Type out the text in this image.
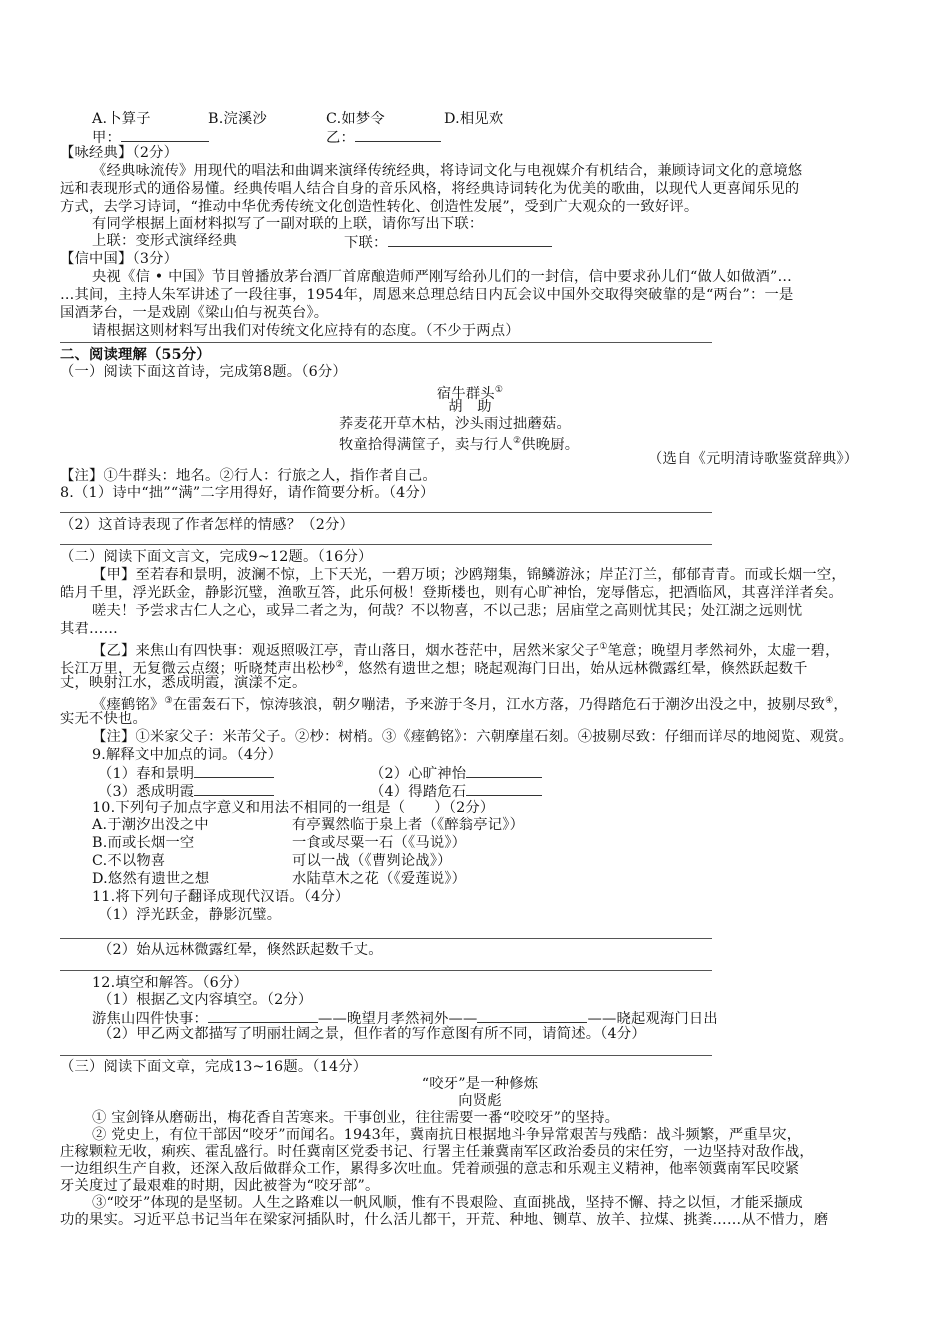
A.卜算子	B.浣溪沙	C.如梦令	D.相见欢
甲：	乙：
【咏经典】（2分）
《经典咏流传》用现代的唱法和曲调来演绎传统经典，将诗词文化与电视媒介有机结合，兼顾诗词文化的意境悠
远和表现形式的通俗易懂。经典传唱人结合自身的音乐风格，将经典诗词转化为优美的歌曲，以现代人更喜闻乐见的
方式，去学习诗词，“推动中华优秀传统文化创造性转化、创造性发展”，受到广大观众的一致好评。
有同学根据上面材料拟写了一副对联的上联，请你写出下联：
上联：变形式演绎经典	下联：
【信中国】（3分）
央视《信 • 中国》节目曾播放茅台酒厂首席酿造师严刚写给孙儿们的一封信，信中要求孙儿们“做人如做酒”…
…其间，主持人朱军讲述了一段往事，1954年，周恩来总理总结日内瓦会议中国外交取得突破靠的是“两台”：一是
国酒茅台，一是戏剧《梁山伯与祝英台》。
请根据这则材料写出我们对传统文化应持有的态度。（不少于两点）
二、阅读理解（55分）
（一）阅读下面这首诗，完成第8题。（6分）
宿牛群头①
胡　助
荞麦花开草木枯，沙头雨过拙蘑菇。
牧童拾得满筐子，卖与行人②供晚厨。
（选自《元明清诗歌鉴赏辞典》）
【注】①牛群头：地名。②行人：行旅之人，指作者自己。
8.（1）诗中“拙”“满”二字用得好，请作简要分析。（4分）
（2）这首诗表现了作者怎样的情感？（2分）
（二）阅读下面文言文，完成9~12题。（16分）
【甲】至若春和景明，波澜不惊，上下天光，一碧万顷；沙鸥翔集，锦鳞游泳；岸芷汀兰，郁郁青青。而或长烟一空，
皓月千里，浮光跃金，静影沉璧，渔歌互答，此乐何极！登斯楼也，则有心旷神怡，宠辱偕忘，把酒临风，其喜洋洋者矣。
嗟夫！予尝求古仁人之心，或异二者之为，何哉？不以物喜，不以己悲；居庙堂之高则忧其民；处江湖之远则忧
其君……
【乙】来焦山有四快事：观返照吸江亭，青山落日，烟水苍茫中，居然米家父子①笔意；晚望月孝然祠外，太虚一碧，
长江万里，无复微云点缀；听晓梵声出松杪②，悠然有遗世之想；晓起观海门日出，始从远林微露红晕，倏然跃起数千
丈，映射江水，悉成明霞，演漾不定。
《瘗鹤铭》③在雷轰石下，惊涛骇浪，朝夕嘣湱，予来游于冬月，江水方落，乃得踏危石于潮汐出没之中，披剔尽致④，
实无不快也。
【注】①米家父子：米芾父子。②杪：树梢。③《瘗鹤铭》：六朝摩崖石刻。④披剔尽致：仔细而详尽的地阅览、观赏。
9.解释文中加点的词。（4分）
（1）春和景明	（2）心旷神怡
（3）悉成明霞	（4）得踏危石
10.下列句子加点字意义和用法不相同的一组是（　　）（2分）
A.于潮汐出没之中	有亭翼然临于泉上者（《醉翁亭记》）
B.而或长烟一空	一食或尽粟一石（《马说》）
C.不以物喜	可以一战（《曹刿论战》）
D.悠然有遗世之想	水陆草木之花（《爱莲说》）
11.将下列句子翻译成现代汉语。（4分）
（1）浮光跃金，静影沉璧。
（2）始从远林微露红晕，倏然跃起数千丈。
12.填空和解答。（6分）
（1）根据乙文内容填空。（2分）
游焦山四件快事：	——晚望月孝然祠外——	——晓起观海门日出
（2）甲乙两文都描写了明丽壮阔之景，但作者的写作意图有所不同，请简述。（4分）
（三）阅读下面文章，完成13~16题。（14分）
“咬牙”是一种修炼
向贤彪
① 宝剑锋从磨砺出，梅花香自苦寒来。干事创业，往往需要一番“咬咬牙”的坚持。
② 党史上，有位干部因“咬牙”而闻名。1943年，冀南抗日根据地斗争异常艰苦与残酷：战斗频繁，严重旱灾，
庄稼颗粒无收，痢疾、霍乱盛行。时任冀南区党委书记、行署主任兼冀南军区政治委员的宋任穷，一边坚持对敌作战，
一边组织生产自救，还深入敌后做群众工作，累得多次吐血。凭着顽强的意志和乐观主义精神，他率领冀南军民咬紧
牙关度过了最艰难的时期，因此被誉为“咬牙部”。
③“咬牙”体现的是坚韧。人生之路难以一帆风顺，惟有不畏艰险、直面挑战，坚持不懈、持之以恒，才能采撷成
功的果实。习近平总书记当年在梁家河插队时，什么活儿都干，开荒、种地、铡草、放羊、拉煤、挑粪……从不惜力，磨
